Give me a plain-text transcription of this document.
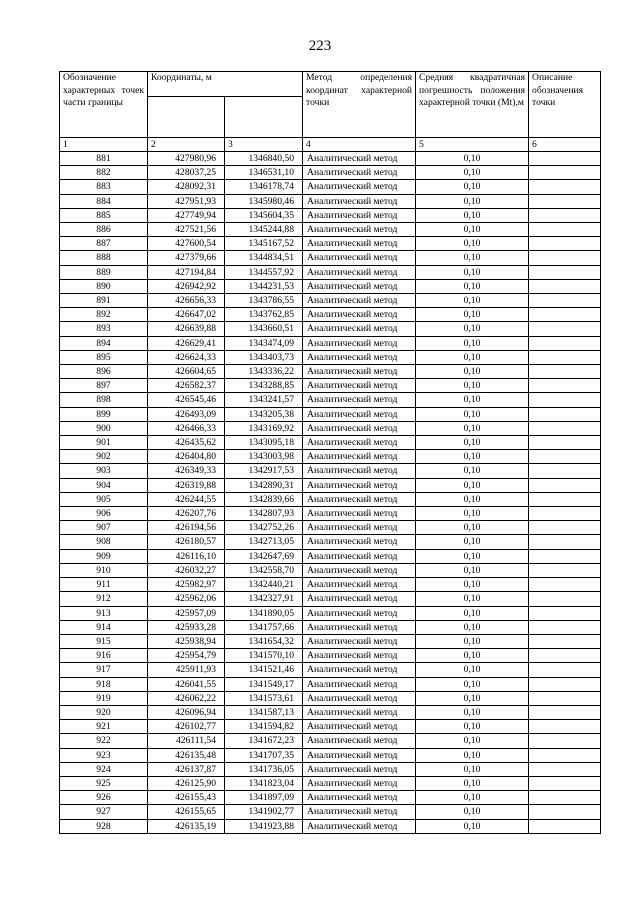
223
Обозначение характерных точек части границы	Координаты, м		Метод определения координат характерной точки	Средняя квадратичная погрешность положения характерной точки (Mt),м	Описание обозначения точки

1	2	3	4	5	6
881	427980,96	1346840,50	Аналитический метод	0,10	
882	428037,25	1346531,10	Аналитический метод	0,10	
883	428092,31	1346178,74	Аналитический метод	0,10	
884	427951,93	1345980,46	Аналитический метод	0,10	
885	427749,94	1345604,35	Аналитический метод	0,10	
886	427521,56	1345244,88	Аналитический метод	0,10	
887	427600,54	1345167,52	Аналитический метод	0,10	
888	427379,66	1344834,51	Аналитический метод	0,10	
889	427194,84	1344557,92	Аналитический метод	0,10	
890	426942,92	1344231,53	Аналитический метод	0,10	
891	426656,33	1343786,55	Аналитический метод	0,10	
892	426647,02	1343762,85	Аналитический метод	0,10	
893	426639,88	1343660,51	Аналитический метод	0,10	
894	426629,41	1343474,09	Аналитический метод	0,10	
895	426624,33	1343403,73	Аналитический метод	0,10	
896	426604,65	1343336,22	Аналитический метод	0,10	
897	426582,37	1343288,85	Аналитический метод	0,10	
898	426545,46	1343241,57	Аналитический метод	0,10	
899	426493,09	1343205,38	Аналитический метод	0,10	
900	426466,33	1343169,92	Аналитический метод	0,10	
901	426435,62	1343095,18	Аналитический метод	0,10	
902	426404,80	1343003,98	Аналитический метод	0,10	
903	426349,33	1342917,53	Аналитический метод	0,10	
904	426319,88	1342890,31	Аналитический метод	0,10	
905	426244,55	1342839,66	Аналитический метод	0,10	
906	426207,76	1342807,93	Аналитический метод	0,10	
907	426194,56	1342752,26	Аналитический метод	0,10	
908	426180,57	1342713,05	Аналитический метод	0,10	
909	426116,10	1342647,69	Аналитический метод	0,10	
910	426032,27	1342558,70	Аналитический метод	0,10	
911	425982,97	1342440,21	Аналитический метод	0,10	
912	425962,06	1342327,91	Аналитический метод	0,10	
913	425957,09	1341890,05	Аналитический метод	0,10	
914	425933,28	1341757,66	Аналитический метод	0,10	
915	425938,94	1341654,32	Аналитический метод	0,10	
916	425954,79	1341570,10	Аналитический метод	0,10	
917	425911,93	1341521,46	Аналитический метод	0,10	
918	426041,55	1341549,17	Аналитический метод	0,10	
919	426062,22	1341573,61	Аналитический метод	0,10	
920	426096,94	1341587,13	Аналитический метод	0,10	
921	426102,77	1341594,82	Аналитический метод	0,10	
922	426111,54	1341672,23	Аналитический метод	0,10	
923	426135,48	1341707,35	Аналитический метод	0,10	
924	426137,87	1341736,05	Аналитический метод	0,10	
925	426125,90	1341823,04	Аналитический метод	0,10	
926	426155,43	1341897,09	Аналитический метод	0,10	
927	426155,65	1341902,77	Аналитический метод	0,10	
928	426135,19	1341923,88	Аналитический метод	0,10	
